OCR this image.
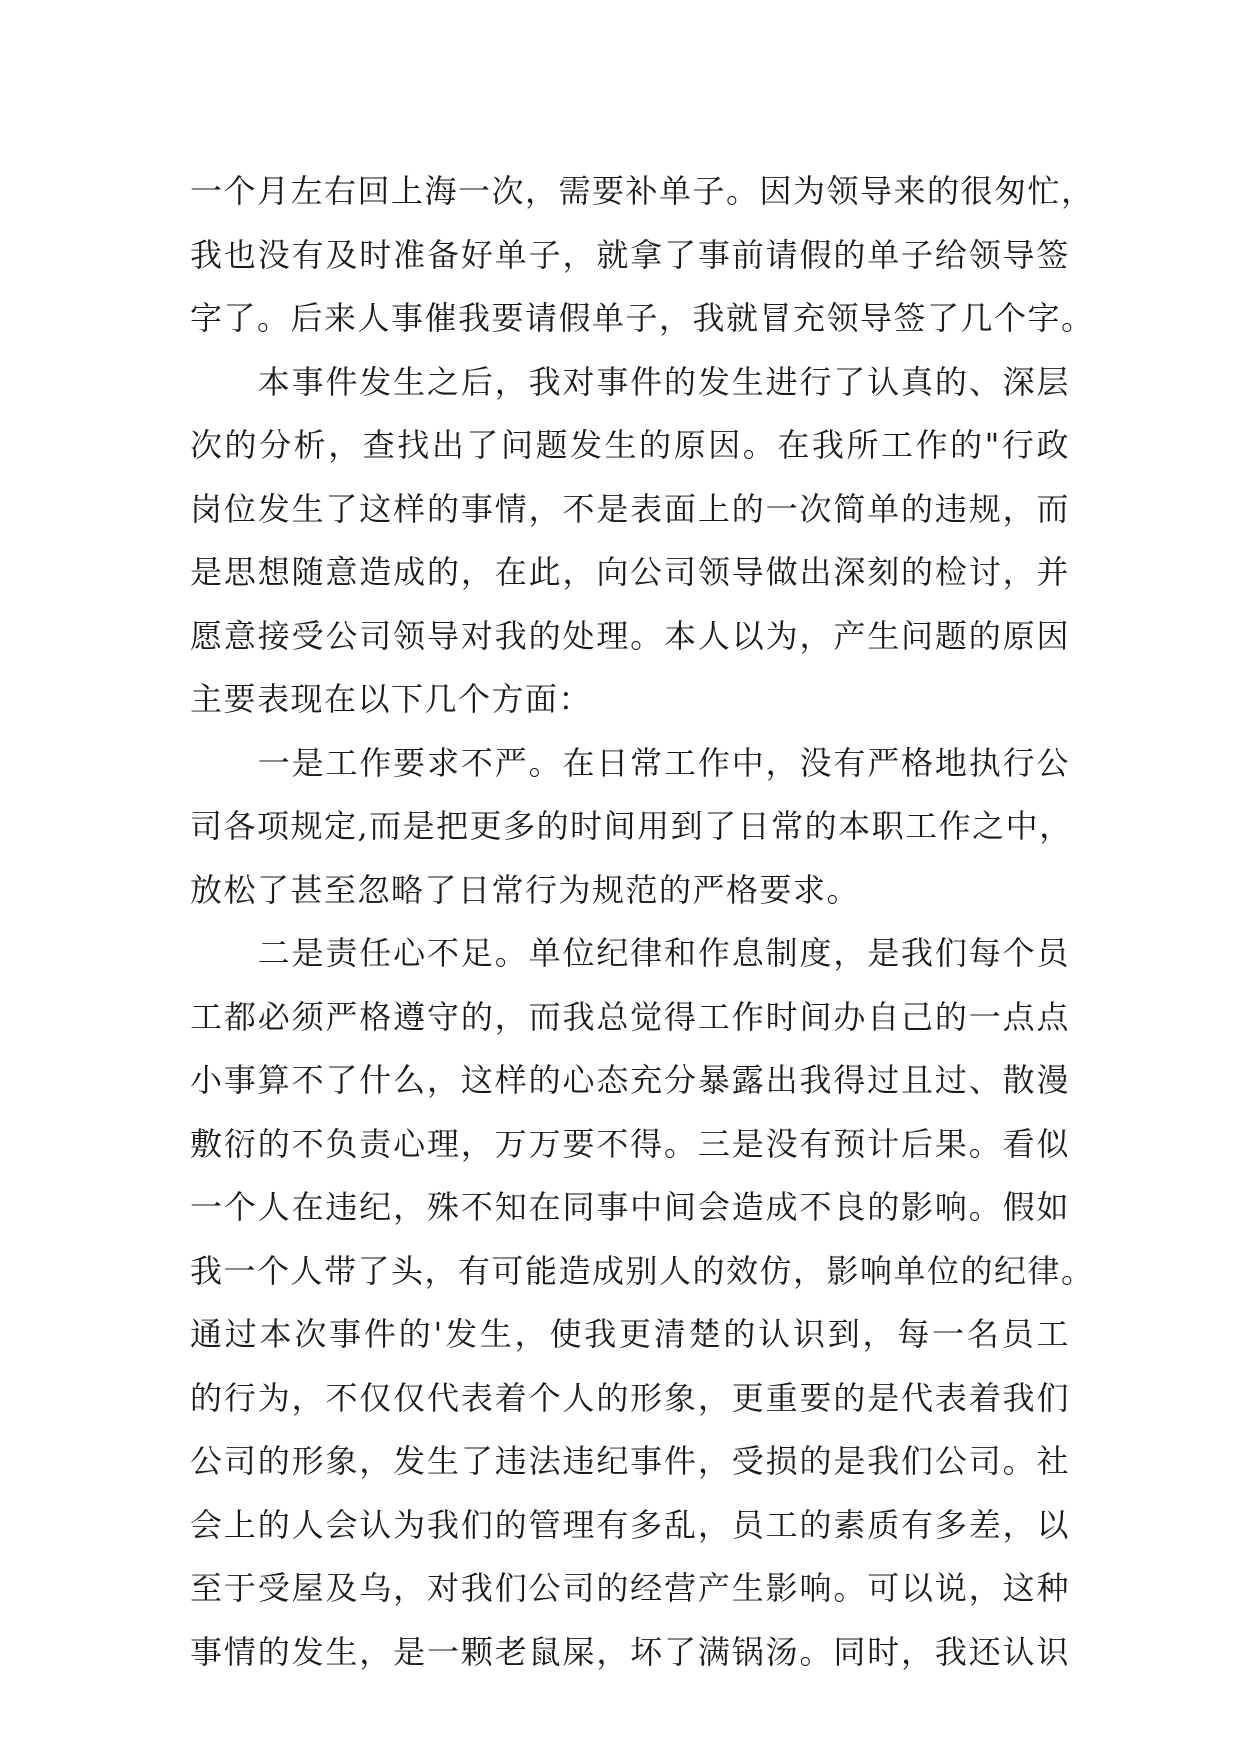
一个月左右回上海一次，需要补单子。因为领导来的很匆忙，
我也没有及时准备好单子，就拿了事前请假的单子给领导签
字了。后来人事催我要请假单子，我就冒充领导签了几个字。
　　本事件发生之后，我对事件的发生进行了认真的、深层
次的分析，查找出了问题发生的原因。在我所工作的"行政
岗位发生了这样的事情，不是表面上的一次简单的违规，而
是思想随意造成的，在此，向公司领导做出深刻的检讨，并
愿意接受公司领导对我的处理。本人以为，产生问题的原因
主要表现在以下几个方面：
　　一是工作要求不严。在日常工作中，没有严格地执行公
司各项规定,而是把更多的时间用到了日常的本职工作之中，
放松了甚至忽略了日常行为规范的严格要求。
　　二是责任心不足。单位纪律和作息制度，是我们每个员
工都必须严格遵守的，而我总觉得工作时间办自己的一点点
小事算不了什么，这样的心态充分暴露出我得过且过、散漫
敷衍的不负责心理，万万要不得。三是没有预计后果。看似
一个人在违纪，殊不知在同事中间会造成不良的影响。假如
我一个人带了头，有可能造成别人的效仿，影响单位的纪律。
通过本次事件的'发生，使我更清楚的认识到，每一名员工
的行为，不仅仅代表着个人的形象，更重要的是代表着我们
公司的形象，发生了违法违纪事件，受损的是我们公司。社
会上的人会认为我们的管理有多乱，员工的素质有多差，以
至于受屋及乌，对我们公司的经营产生影响。可以说，这种
事情的发生，是一颗老鼠屎，坏了满锅汤。同时，我还认识
